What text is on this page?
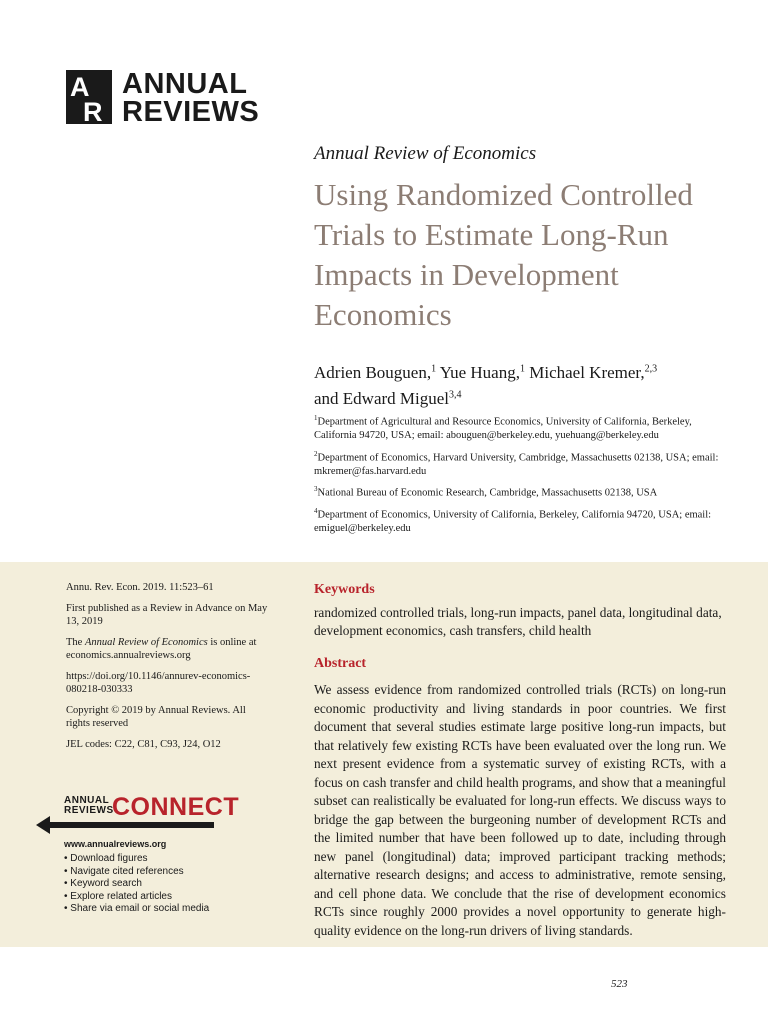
A
R
ANNUAL
REVIEWS
Annual Review of Economics
Using Randomized Controlled Trials to Estimate Long-Run Impacts in Development Economics
Adrien Bouguen,$^1$ Yue Huang,$^1$ Michael Kremer,$^{2,3}$
and Edward Miguel$^{3,4}$
$^1$Department of Agricultural and Resource Economics, University of California, Berkeley, California 94720, USA; email: abouguen@berkeley.edu, yuehuang@berkeley.edu
$^2$Department of Economics, Harvard University, Cambridge, Massachusetts 02138, USA; email: mkremer@fas.harvard.edu
$^3$National Bureau of Economic Research, Cambridge, Massachusetts 02138, USA
$^4$Department of Economics, University of California, Berkeley, California 94720, USA; email: emiguel@berkeley.edu

Annu. Rev. Econ. 2019. 11:523–61

First published as a Review in Advance on May 13, 2019

The Annual Review of Economics is online at economics.annualreviews.org

https://doi.org/10.1146/annurev-economics-080218-030333

Copyright © 2019 by Annual Reviews. All rights reserved

JEL codes: C22, C81, C93, J24, O12

ANNUAL
REVIEWS
CONNECT
www.annualreviews.org
• Download figures
• Navigate cited references
• Keyword search
• Explore related articles
• Share via email or social media
Keywords
randomized controlled trials, long-run impacts, panel data, longitudinal data, development economics, cash transfers, child health
Abstract
We assess evidence from randomized controlled trials (RCTs) on long-run economic productivity and living standards in poor countries. We first document that several studies estimate large positive long-run impacts, but that relatively few existing RCTs have been evaluated over the long run. We next present evidence from a systematic survey of existing RCTs, with a focus on cash transfer and child health programs, and show that a meaningful subset can realistically be evaluated for long-run effects. We discuss ways to bridge the gap between the burgeoning number of development RCTs and the limited number that have been followed up to date, including through new panel (longitudinal) data; improved participant tracking methods; alternative research designs; and access to administrative, remote sensing, and cell phone data. We conclude that the rise of development economics RCTs since roughly 2000 provides a novel opportunity to generate high-quality evidence on the long-run drivers of living standards.
523
